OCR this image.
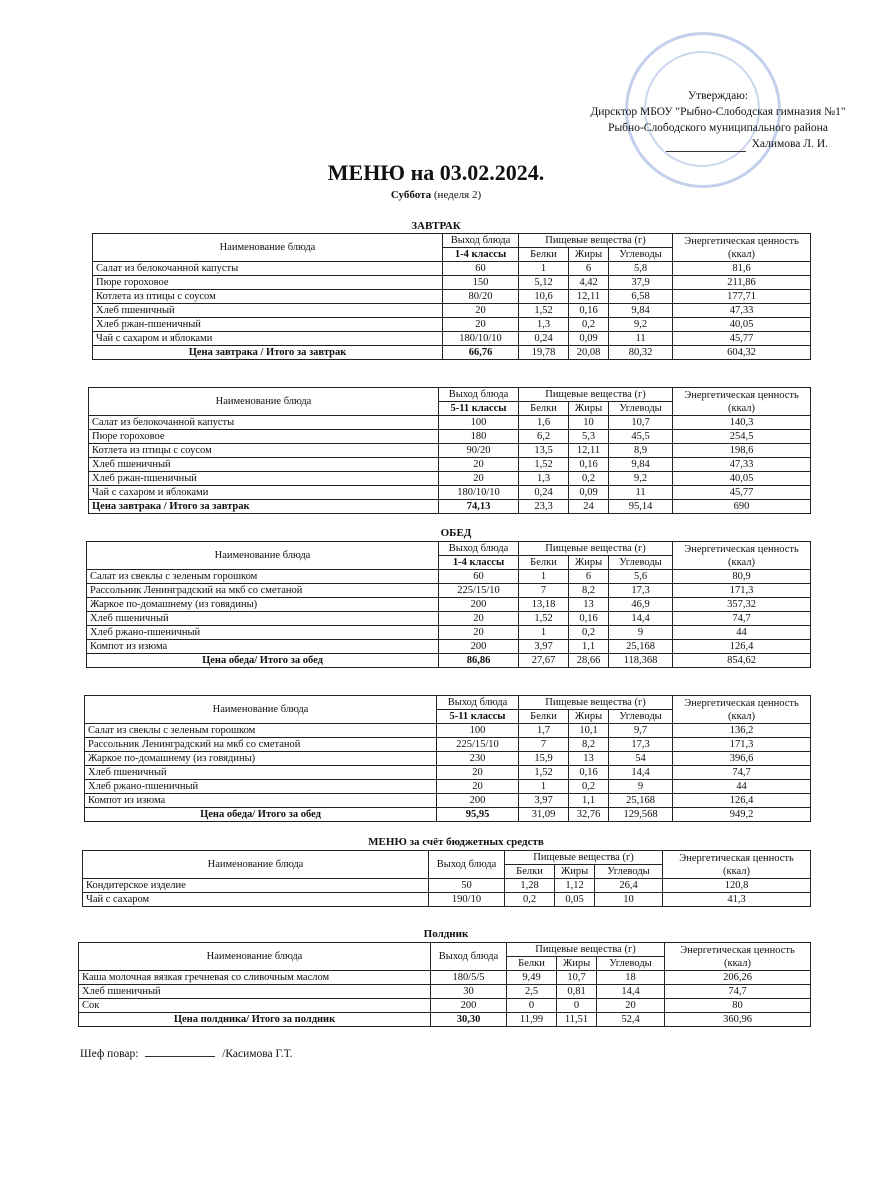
Утверждаю:
Дирсктор МБОУ "Рыбно-Слободская гимназия №1"
Рыбно-Слободского муниципального района
Халимова Л. И.
МЕНЮ на 03.02.2024.
Суббота (неделя 2)
ЗАВТРАК
Наименование блюда	Выход блюда	Пищевые вещества (г)			Энергетическая ценность (ккал)
	1-4 классы	Белки	Жиры	Углеводы	
Салат из белокочанной капусты	60	1	6	5,8	81,6
Пюре гороховое	150	5,12	4,42	37,9	211,86
Котлета из птицы с соусом	80/20	10,6	12,11	6,58	177,71
Хлеб пшеничный	20	1,52	0,16	9,84	47,33
Хлеб ржан-пшеничный	20	1,3	0,2	9,2	40,05
Чай с сахаром и яблоками	180/10/10	0,24	0,09	11	45,77
Цена завтрака / Итого за завтрак	66,76	19,78	20,08	80,32	604,32
Наименование блюда	Выход блюда	Пищевые вещества (г)			Энергетическая ценность (ккал)
	5-11 классы	Белки	Жиры	Углеводы	
Салат из белокочанной капусты	100	1,6	10	10,7	140,3
Пюре гороховое	180	6,2	5,3	45,5	254,5
Котлета из птицы с соусом	90/20	13,5	12,11	8,9	198,6
Хлеб пшеничный	20	1,52	0,16	9,84	47,33
Хлеб ржан-пшеничный	20	1,3	0,2	9,2	40,05
Чай с сахаром и яблоками	180/10/10	0,24	0,09	11	45,77
Цена завтрака / Итого за завтрак	74,13	23,3	24	95,14	690
ОБЕД
Наименование блюда	Выход блюда	Пищевые вещества (г)			Энергетическая ценность (ккал)
	1-4 классы	Белки	Жиры	Углеводы	
Салат из свеклы с зеленым горошком	60	1	6	5,6	80,9
Рассольник Ленинградский на мкб со сметаной	225/15/10	7	8,2	17,3	171,3
Жаркое по-домашнему (из говядины)	200	13,18	13	46,9	357,32
Хлеб пшеничный	20	1,52	0,16	14,4	74,7
Хлеб ржано-пшеничный	20	1	0,2	9	44
Компот из изюма	200	3,97	1,1	25,168	126,4
Цена обеда/ Итого за обед	86,86	27,67	28,66	118,368	854,62
Наименование блюда	Выход блюда	Пищевые вещества (г)			Энергетическая ценность (ккал)
	5-11 классы	Белки	Жиры	Углеводы	
Салат из свеклы с зеленым горошком	100	1,7	10,1	9,7	136,2
Рассольник Ленинградский на мкб со сметаной	225/15/10	7	8,2	17,3	171,3
Жаркое по-домашнему (из говядины)	230	15,9	13	54	396,6
Хлеб пшеничный	20	1,52	0,16	14,4	74,7
Хлеб ржано-пшеничный	20	1	0,2	9	44
Компот из изюма	200	3,97	1,1	25,168	126,4
Цена обеда/ Итого за обед	95,95	31,09	32,76	129,568	949,2
МЕНЮ за счёт бюджетных средств
Наименование блюда	Выход блюда	Пищевые вещества (г)			Энергетическая ценность (ккал)
		Белки	Жиры	Углеводы	
Кондитерское изделие	50	1,28	1,12	26,4	120,8
Чай с сахаром	190/10	0,2	0,05	10	41,3
Полдник
Наименование блюда	Выход блюда	Пищевые вещества (г)			Энергетическая ценность (ккал)
		Белки	Жиры	Углеводы	
Каша молочная вязкая гречневая со сливочным маслом	180/5/5	9,49	10,7	18	206,26
Хлеб пшеничный	30	2,5	0,81	14,4	74,7
Сок	200	0	0	20	80
Цена полдника/ Итого за полдник	30,30	11,99	11,51	52,4	360,96
Шеф повар:	/Касимова Г.Т.
